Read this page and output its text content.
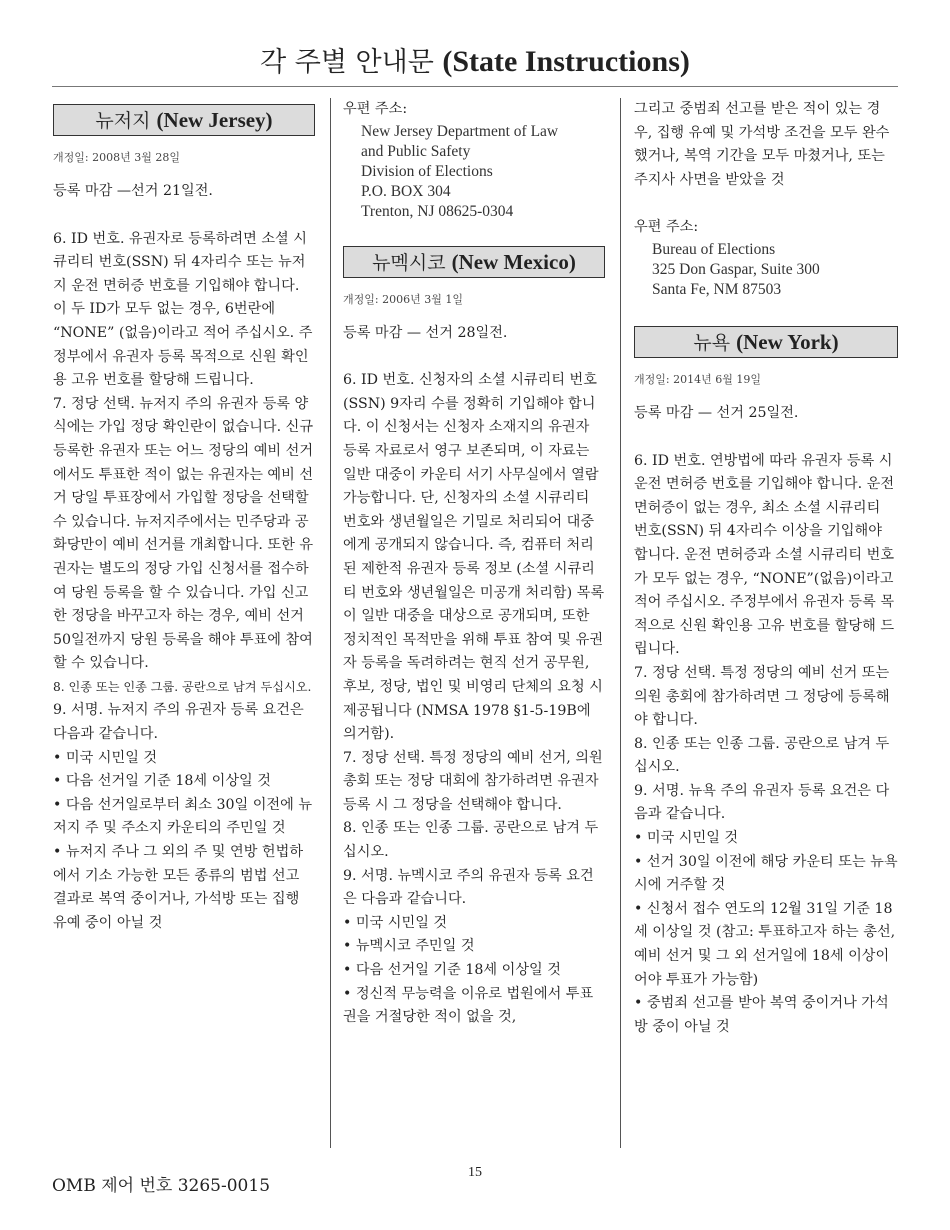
각 주별 안내문 (State Instructions)
뉴저지 (New Jersey)

개정일: 2008년 3월 28일

등록 마감 —선거 21일전.

6. ID 번호. 유권자로 등록하려면 소셜 시큐리티 번호(SSN) 뒤 4자리수 또는 뉴저지 운전 면허증 번호를 기입해야 합니다. 이 두 ID가 모두 없는 경우, 6번란에 “NONE” (없음)이라고 적어 주십시오. 주정부에서 유권자 등록 목적으로 신원 확인용 고유 번호를 할당해 드립니다.

7. 정당 선택. 뉴저지 주의 유권자 등록 양식에는 가입 정당 확인란이 없습니다. 신규 등록한 유권자 또는 어느 정당의 예비 선거에서도 투표한 적이 없는 유권자는 예비 선거 당일 투표장에서 가입할 정당을 선택할 수 있습니다. 뉴저지주에서는 민주당과 공화당만이 예비 선거를 개최합니다. 또한 유권자는 별도의 정당 가입 신청서를 접수하여 당원 등록을 할 수 있습니다. 가입 신고한 정당을 바꾸고자 하는 경우, 예비 선거 50일전까지 당원 등록을 해야 투표에 참여 할 수 있습니다.

8. 인종 또는 인종 그룹. 공란으로 남겨 두십시오.

9. 서명. 뉴저지 주의 유권자 등록 요건은 다음과 같습니다.

• 미국 시민일 것

• 다음 선거일 기준 18세 이상일 것

• 다음 선거일로부터 최소 30일 이전에 뉴저지 주 및 주소지 카운티의 주민일 것

• 뉴저지 주나 그 외의 주 및 연방 헌법하에서 기소 가능한 모든 종류의 범법 선고 결과로 복역 중이거나, 가석방 또는 집행 유예 중이 아닐 것

우편 주소:

New Jersey Department of Law
and Public Safety
Division of Elections
P.O. BOX 304
Trenton, NJ 08625-0304
뉴멕시코 (New Mexico)

개정일: 2006년 3월 1일

등록 마감 — 선거 28일전.

6. ID 번호. 신청자의 소셜 시큐리티 번호(SSN) 9자리 수를 정확히 기입해야 합니다. 이 신청서는 신청자 소재지의 유권자 등록 자료로서 영구 보존되며, 이 자료는 일반 대중이 카운티 서기 사무실에서 열람 가능합니다. 단, 신청자의 소셜 시큐리티 번호와 생년월일은 기밀로 처리되어 대중에게 공개되지 않습니다. 즉, 컴퓨터 처리된 제한적 유권자 등록 정보 (소셜 시큐리티 번호와 생년월일은 미공개 처리함) 목록이 일반 대중을 대상으로 공개되며, 또한 정치적인 목적만을 위해 투표 참여 및 유권자 등록을 독려하려는 현직 선거 공무원, 후보, 정당, 법인 및 비영리 단체의 요청 시 제공됩니다 (NMSA 1978 §1-5-19B에 의거함).

7. 정당 선택. 특정 정당의 예비 선거, 의원 총회 또는 정당 대회에 참가하려면 유권자 등록 시 그 정당을 선택해야 합니다.

8. 인종 또는 인종 그룹. 공란으로 남겨 두십시오.

9. 서명. 뉴멕시코 주의 유권자 등록 요건은 다음과 같습니다.

• 미국 시민일 것

• 뉴멕시코 주민일 것

• 다음 선거일 기준 18세 이상일 것

• 정신적 무능력을 이유로 법원에서 투표권을 거절당한 적이 없을 것,

그리고 중범죄 선고를 받은 적이 있는 경우, 집행 유예 및 가석방 조건을 모두 완수했거나, 복역 기간을 모두 마쳤거나, 또는 주지사 사면을 받았을 것

우편 주소:

Bureau of Elections
325 Don Gaspar, Suite 300
Santa Fe, NM 87503
뉴욕 (New York)

개정일: 2014년 6월 19일

등록 마감 — 선거 25일전.

6. ID 번호. 연방법에 따라 유권자 등록 시 운전 면허증 번호를 기입해야 합니다. 운전 면허증이 없는 경우, 최소 소셜 시큐리티 번호(SSN) 뒤 4자리수 이상을 기입해야 합니다. 운전 면허증과 소셜 시큐리티 번호가 모두 없는 경우, “NONE”(없음)이라고 적어 주십시오. 주정부에서 유권자 등록 목적으로 신원 확인용 고유 번호를 할당해 드립니다.

7. 정당 선택. 특정 정당의 예비 선거 또는 의원 총회에 참가하려면 그 정당에 등록해야 합니다.

8. 인종 또는 인종 그룹. 공란으로 남겨 두십시오.

9. 서명. 뉴욕 주의 유권자 등록 요건은 다음과 같습니다.

• 미국 시민일 것

• 선거 30일 이전에 해당 카운티 또는 뉴욕시에 거주할 것

• 신청서 접수 연도의 12월 31일 기준 18세 이상일 것 (참고: 투표하고자 하는 총선, 예비 선거 및 그 외 선거일에 18세 이상이어야 투표가 가능함)

• 중범죄 선고를 받아 복역 중이거나 가석방 중이 아닐 것

OMB 제어 번호 3265-0015
15
